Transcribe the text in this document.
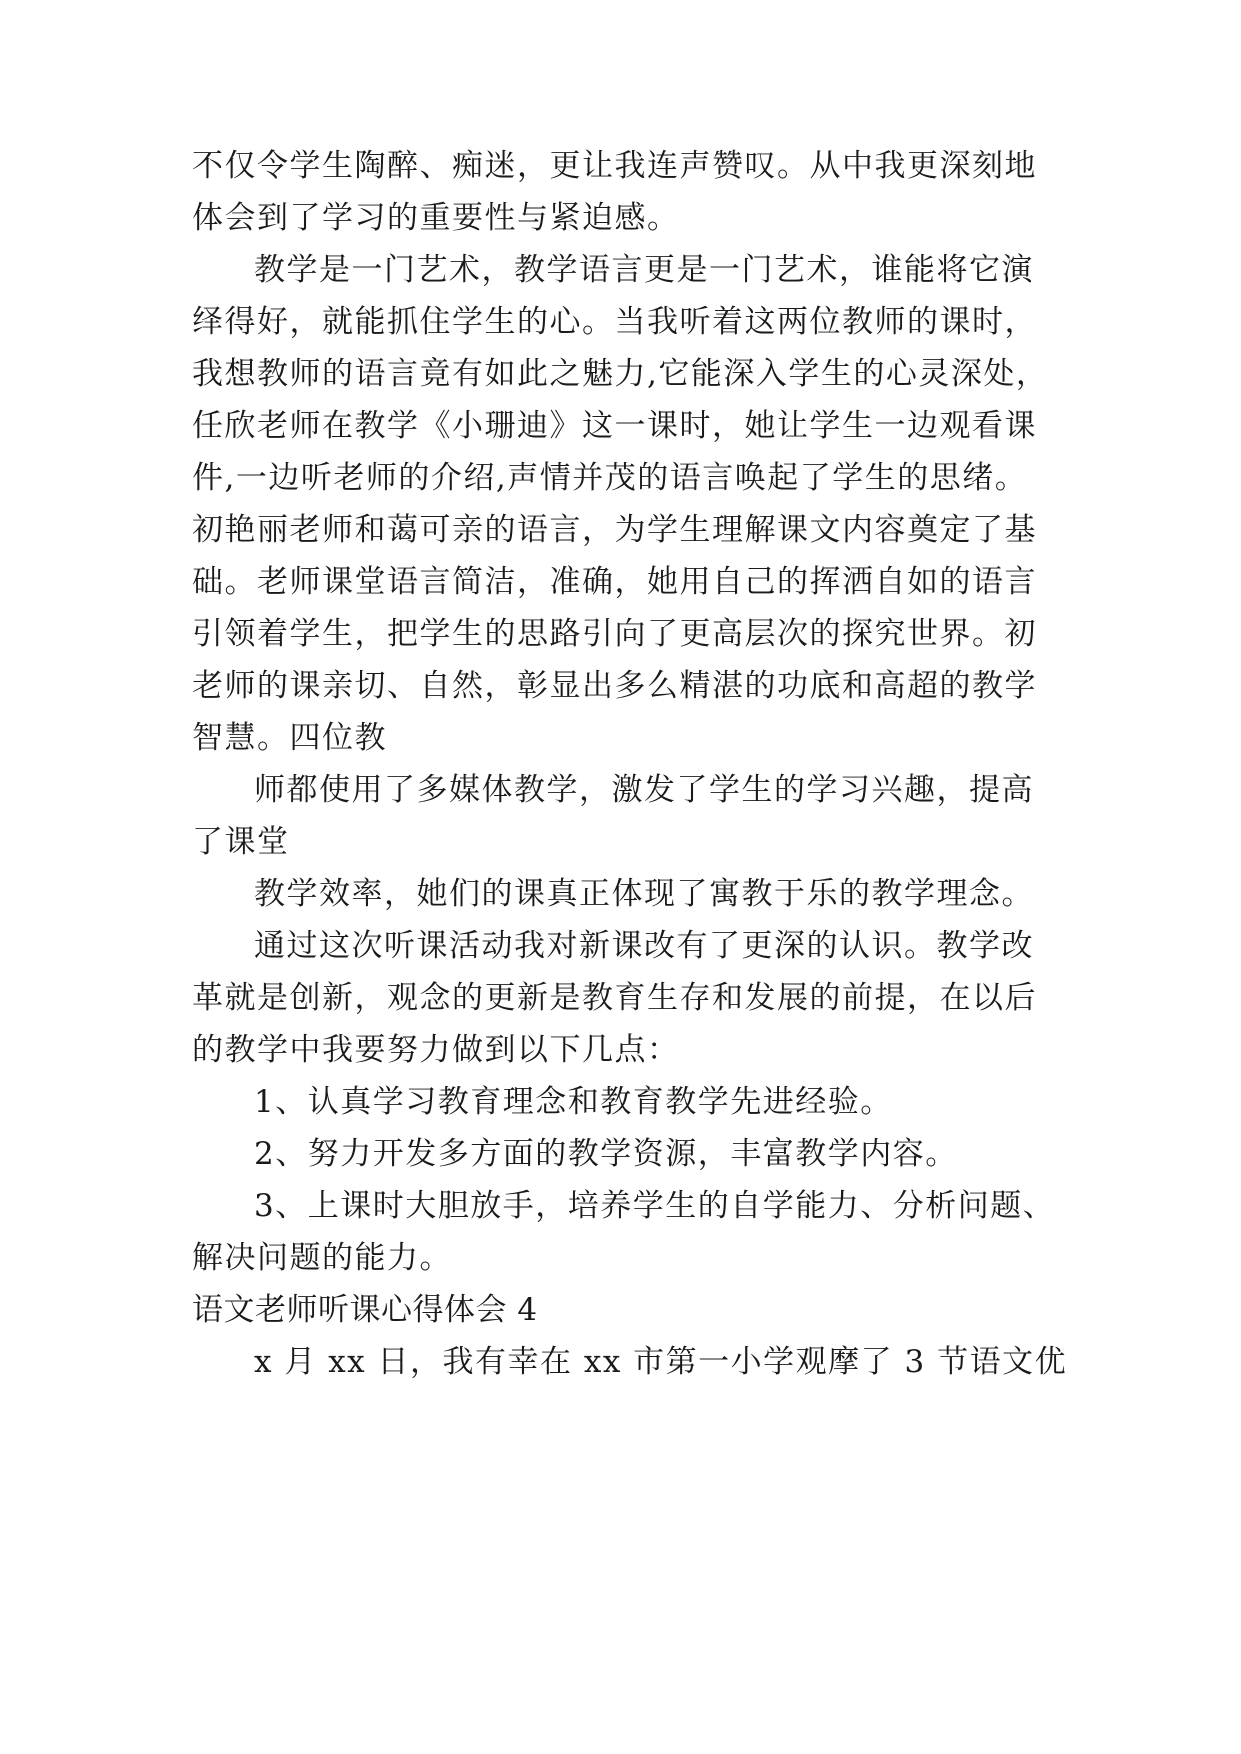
不仅令学生陶醉、痴迷，更让我连声赞叹。从中我更深刻地

体会到了学习的重要性与紧迫感。

教学是一门艺术，教学语言更是一门艺术，谁能将它演

绎得好，就能抓住学生的心。当我听着这两位教师的课时，

我想教师的语言竟有如此之魅力,它能深入学生的心灵深处，

任欣老师在教学《小珊迪》这一课时，她让学生一边观看课

件,一边听老师的介绍,声情并茂的语言唤起了学生的思绪。

初艳丽老师和蔼可亲的语言，为学生理解课文内容奠定了基

础。老师课堂语言简洁，准确，她用自己的挥洒自如的语言

引领着学生，把学生的思路引向了更高层次的探究世界。初

老师的课亲切、自然，彰显出多么精湛的功底和高超的教学

智慧。四位教

师都使用了多媒体教学，激发了学生的学习兴趣，提高

了课堂

教学效率，她们的课真正体现了寓教于乐的教学理念。

通过这次听课活动我对新课改有了更深的认识。教学改

革就是创新，观念的更新是教育生存和发展的前提，在以后

的教学中我要努力做到以下几点：

1、认真学习教育理念和教育教学先进经验。

2、努力开发多方面的教学资源，丰富教学内容。

3、上课时大胆放手，培养学生的自学能力、分析问题、

解决问题的能力。

语文老师听课心得体会 4

x 月 xx 日，我有幸在 xx 市第一小学观摩了 3 节语文优
